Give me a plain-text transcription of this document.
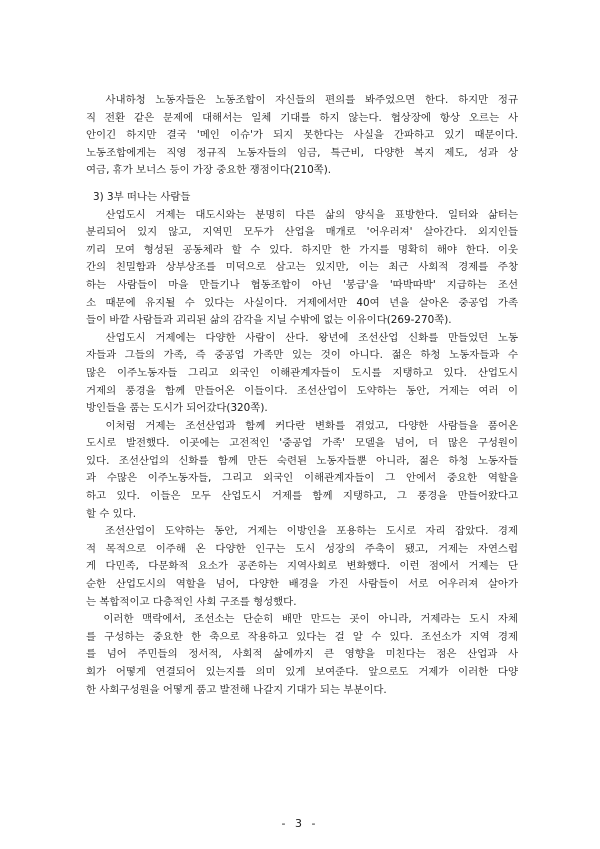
사내하청 노동자들은 노동조합이 자신들의 편의를 봐주었으면 한다. 하지만 정규
직 전환 같은 문제에 대해서는 일체 기대를 하지 않는다. 협상장에 항상 오르는 사
안이긴 하지만 결국 '메인 이슈'가 되지 못한다는 사실을 간파하고 있기 때문이다.
노동조합에게는 직영 정규직 노동자들의 임금, 특근비, 다양한 복지 제도, 성과 상
여금, 휴가 보너스 등이 가장 중요한 쟁점이다(210쪽).

3) 3부 떠나는 사람들

산업도시 거제는 대도시와는 분명히 다른 삶의 양식을 표방한다. 일터와 삶터는
분리되어 있지 않고, 지역민 모두가 산업을 매개로 '어우러져' 살아간다. 외지인들
끼리 모여 형성된 공동체라 할 수 있다. 하지만 한 가지를 명확히 해야 한다. 이웃
간의 친밀함과 상부상조를 미덕으로 삼고는 있지만, 이는 최근 사회적 경제를 주창
하는 사람들이 마을 만들기나 협동조합이 아닌 '봉급'을 '따박따박' 지급하는 조선
소 때문에 유지될 수 있다는 사실이다. 거제에서만 40여 년을 살아온 중공업 가족
들이 바깥 사람들과 괴리된 삶의 감각을 지닐 수밖에 없는 이유이다(269-270쪽).

산업도시 거제에는 다양한 사람이 산다. 왕년에 조선산업 신화를 만들었던 노동
자들과 그들의 가족, 즉 중공업 가족만 있는 것이 아니다. 젊은 하청 노동자들과 수
많은 이주노동자들 그리고 외국인 이해관계자들이 도시를 지탱하고 있다. 산업도시
거제의 풍경을 함께 만들어온 이들이다. 조선산업이 도약하는 동안, 거제는 여러 이
방인들을 품는 도시가 되어갔다(320쪽).

이처럼 거제는 조선산업과 함께 커다란 변화를 겪었고, 다양한 사람들을 품어온
도시로 발전했다. 이곳에는 고전적인 '중공업 가족' 모델을 넘어, 더 많은 구성원이
있다. 조선산업의 신화를 함께 만든 숙련된 노동자들뿐 아니라, 젊은 하청 노동자들
과 수많은 이주노동자들, 그리고 외국인 이해관계자들이 그 안에서 중요한 역할을
하고 있다. 이들은 모두 산업도시 거제를 함께 지탱하고, 그 풍경을 만들어왔다고
할 수 있다.

조선산업이 도약하는 동안, 거제는 이방인을 포용하는 도시로 자리 잡았다. 경제
적 목적으로 이주해 온 다양한 인구는 도시 성장의 주축이 됐고, 거제는 자연스럽
게 다민족, 다문화적 요소가 공존하는 지역사회로 변화했다. 이런 점에서 거제는 단
순한 산업도시의 역할을 넘어, 다양한 배경을 가진 사람들이 서로 어우러져 살아가
는 복합적이고 다층적인 사회 구조를 형성했다.

이러한 맥락에서, 조선소는 단순히 배만 만드는 곳이 아니라, 거제라는 도시 자체
를 구성하는 중요한 한 축으로 작용하고 있다는 걸 알 수 있다. 조선소가 지역 경제
를 넘어 주민들의 정서적, 사회적 삶에까지 큰 영향을 미친다는 점은 산업과 사
회가 어떻게 연결되어 있는지를 의미 있게 보여준다. 앞으로도 거제가 이러한 다양
한 사회구성원을 어떻게 품고 발전해 나갈지 기대가 되는 부분이다.

- 3 -
